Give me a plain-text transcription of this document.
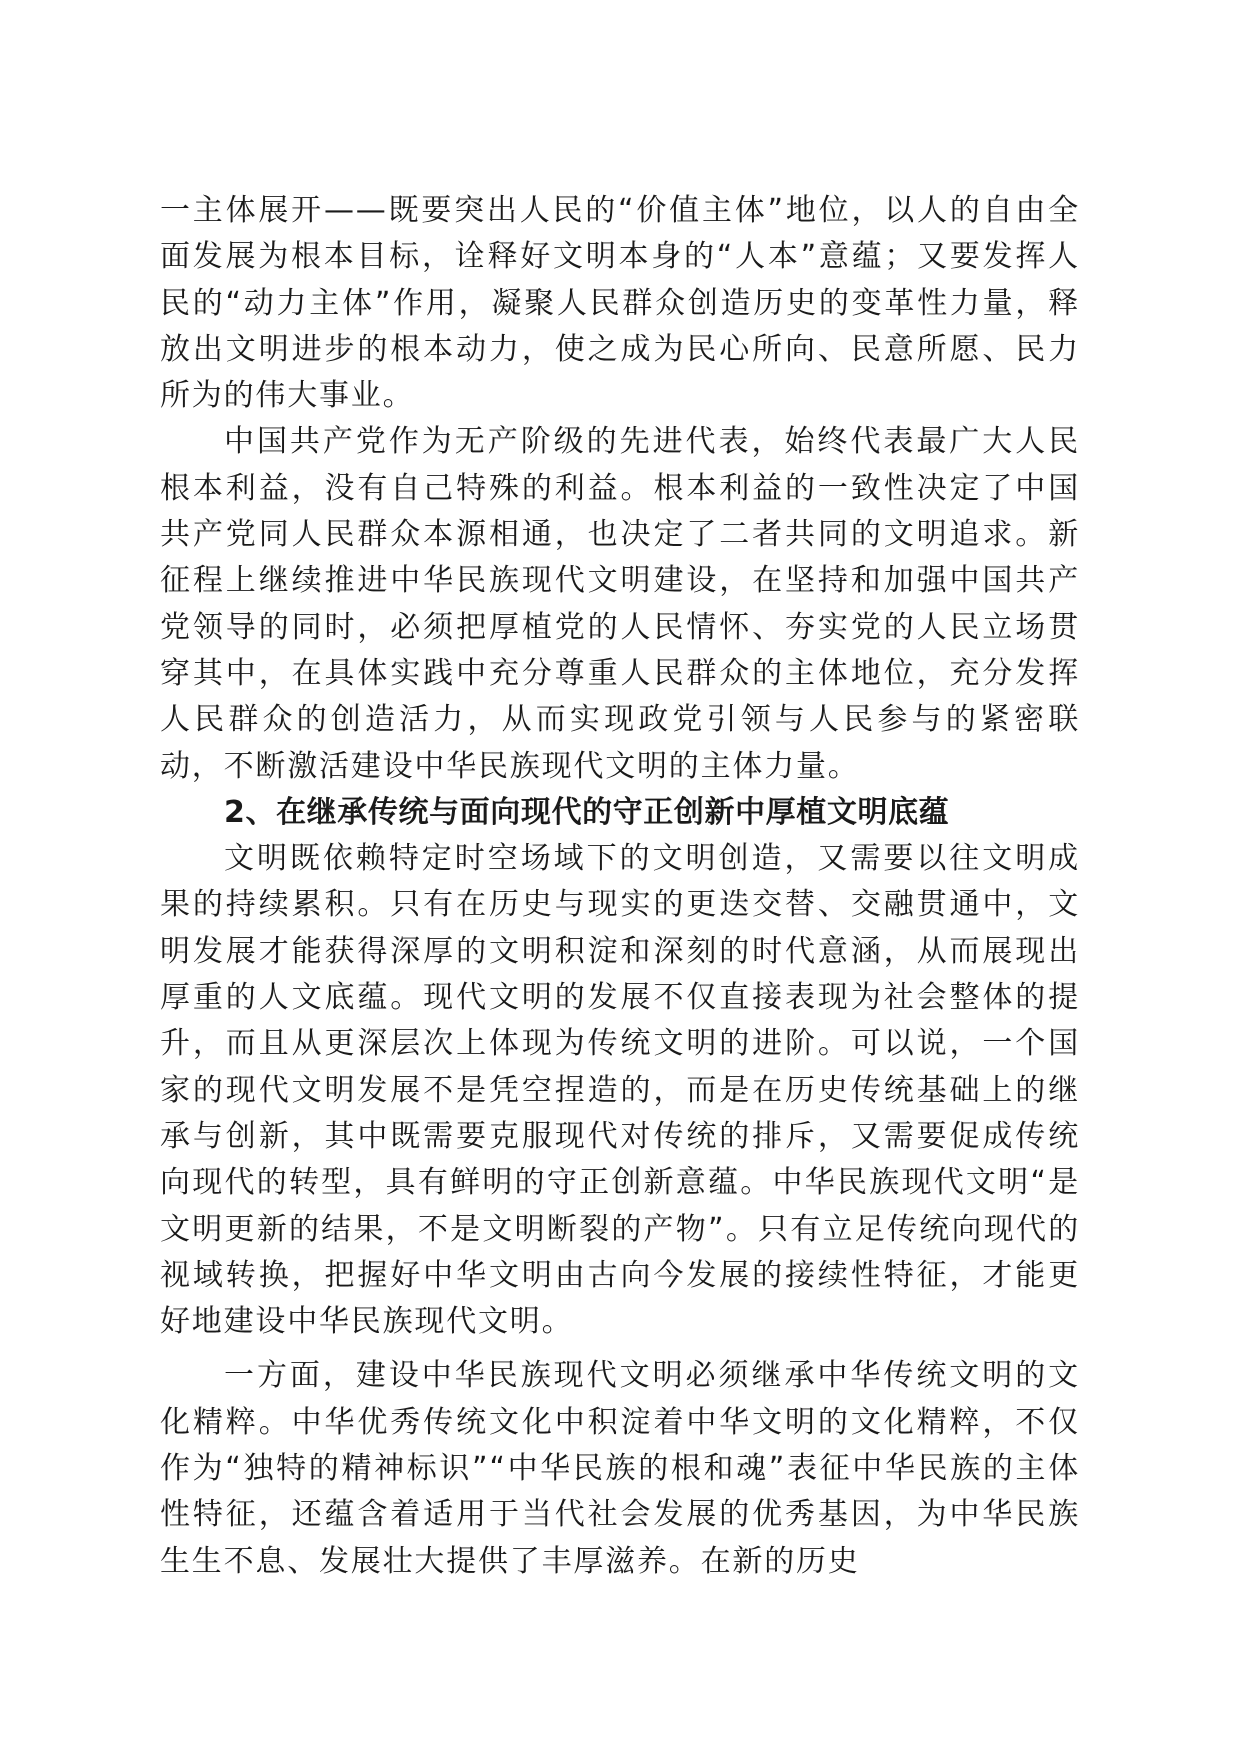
一主体展开——既要突出人民的“价值主体”地位，以人的自由全面发展为根本目标，诠释好文明本身的“人本”意蕴；又要发挥人民的“动力主体”作用，凝聚人民群众创造历史的变革性力量，释放出文明进步的根本动力，使之成为民心所向、民意所愿、民力所为的伟大事业。

中国共产党作为无产阶级的先进代表，始终代表最广大人民根本利益，没有自己特殊的利益。根本利益的一致性决定了中国共产党同人民群众本源相通，也决定了二者共同的文明追求。新征程上继续推进中华民族现代文明建设，在坚持和加强中国共产党领导的同时，必须把厚植党的人民情怀、夯实党的人民立场贯穿其中，在具体实践中充分尊重人民群众的主体地位，充分发挥人民群众的创造活力，从而实现政党引领与人民参与的紧密联动，不断激活建设中华民族现代文明的主体力量。

2、在继承传统与面向现代的守正创新中厚植文明底蕴

文明既依赖特定时空场域下的文明创造，又需要以往文明成果的持续累积。只有在历史与现实的更迭交替、交融贯通中，文明发展才能获得深厚的文明积淀和深刻的时代意涵，从而展现出厚重的人文底蕴。现代文明的发展不仅直接表现为社会整体的提升，而且从更深层次上体现为传统文明的进阶。可以说，一个国家的现代文明发展不是凭空捏造的，而是在历史传统基础上的继承与创新，其中既需要克服现代对传统的排斥，又需要促成传统向现代的转型，具有鲜明的守正创新意蕴。中华民族现代文明“是文明更新的结果，不是文明断裂的产物”。只有立足传统向现代的视域转换，把握好中华文明由古向今发展的接续性特征，才能更好地建设中华民族现代文明。

一方面，建设中华民族现代文明必须继承中华传统文明的文化精粹。中华优秀传统文化中积淀着中华文明的文化精粹，不仅作为“独特的精神标识”“中华民族的根和魂”表征中华民族的主体性特征，还蕴含着适用于当代社会发展的优秀基因，为中华民族生生不息、发展壮大提供了丰厚滋养。在新的历史
